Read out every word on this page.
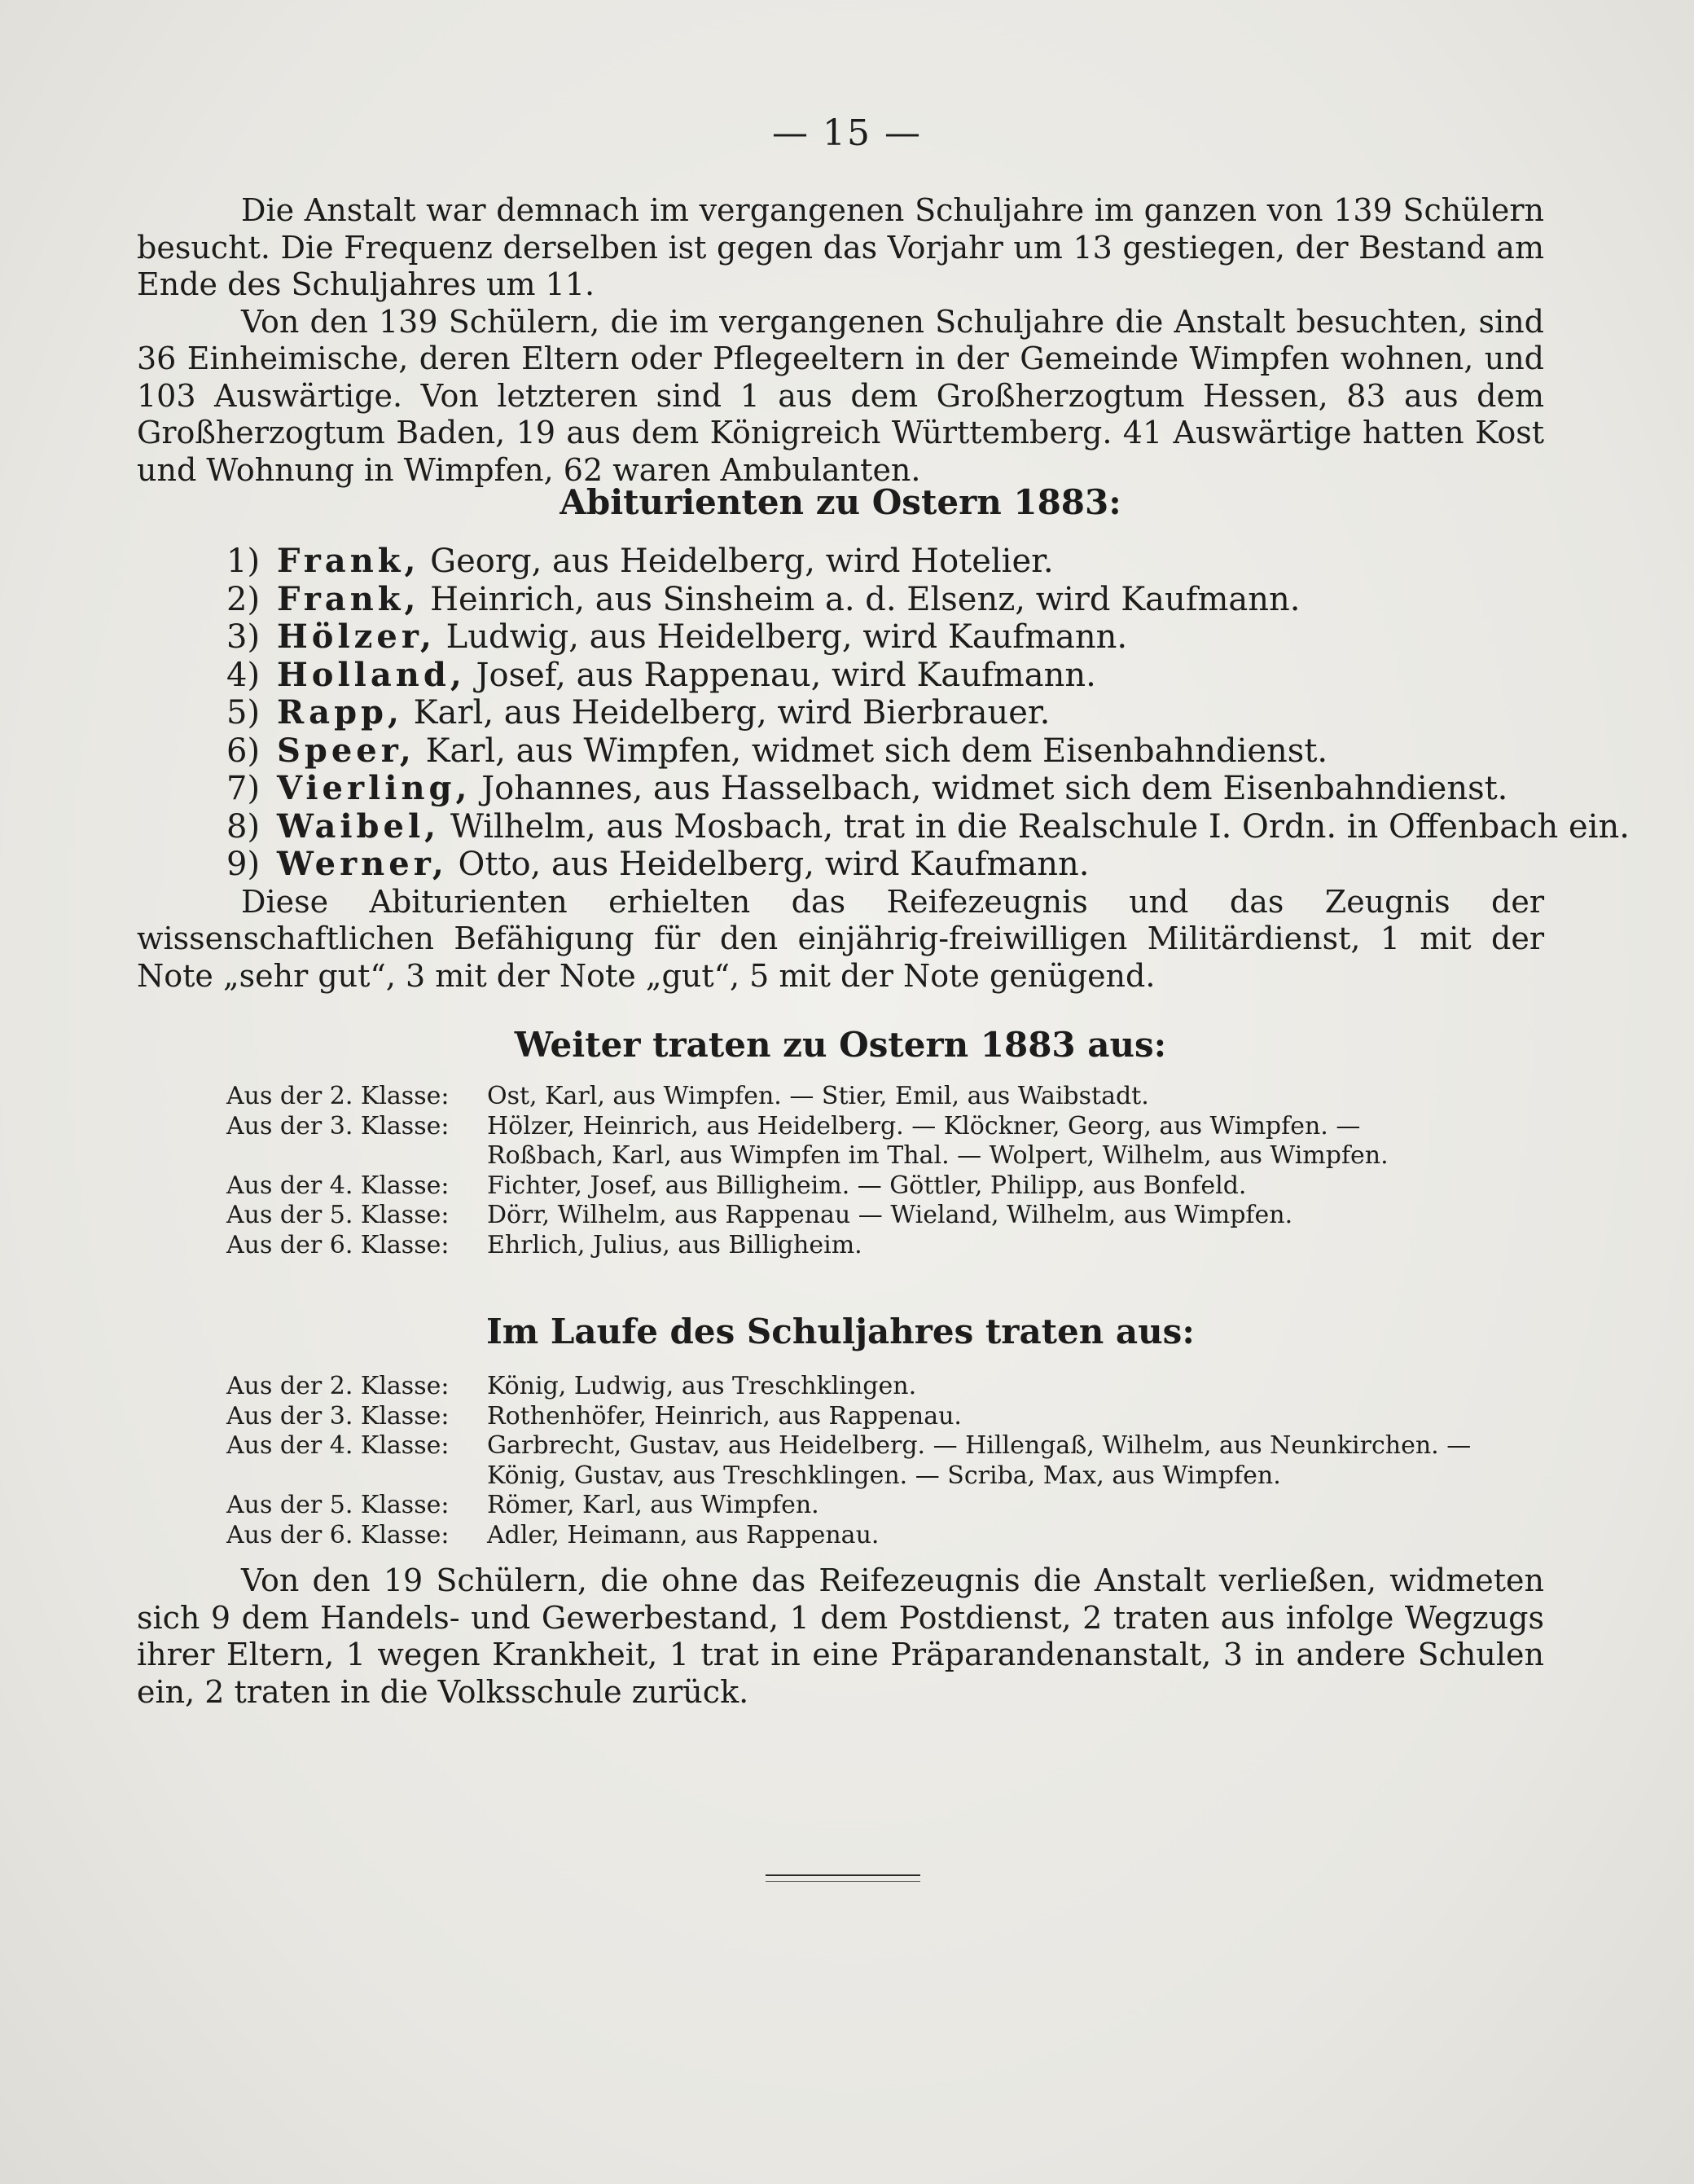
— 15 —

Die Anstalt war demnach im vergangenen Schuljahre im ganzen von 139 Schülern besucht. Die Frequenz derselben ist gegen das Vorjahr um 13 gestiegen, der Bestand am Ende des Schuljahres um 11.

Von den 139 Schülern, die im vergangenen Schuljahre die Anstalt besuchten, sind 36 Einheimische, deren Eltern oder Pflegeeltern in der Gemeinde Wimpfen wohnen, und 103 Auswärtige. Von letzteren sind 1 aus dem Großherzogtum Hessen, 83 aus dem Großherzogtum Baden, 19 aus dem Königreich Württemberg. 41 Auswärtige hatten Kost und Wohnung in Wimpfen, 62 waren Ambulanten.

Abiturienten zu Ostern 1883:

1) Frank, Georg, aus Heidelberg, wird Hotelier.
2) Frank, Heinrich, aus Sinsheim a. d. Elsenz, wird Kaufmann.
3) Hölzer, Ludwig, aus Heidelberg, wird Kaufmann.
4) Holland, Josef, aus Rappenau, wird Kaufmann.
5) Rapp, Karl, aus Heidelberg, wird Bierbrauer.
6) Speer, Karl, aus Wimpfen, widmet sich dem Eisenbahndienst.
7) Vierling, Johannes, aus Hasselbach, widmet sich dem Eisenbahndienst.
8) Waibel, Wilhelm, aus Mosbach, trat in die Realschule I. Ordn. in Offenbach ein.
9) Werner, Otto, aus Heidelberg, wird Kaufmann.

Diese Abiturienten erhielten das Reifezeugnis und das Zeugnis der wissenschaftlichen Befähigung für den einjährig-freiwilligen Militärdienst, 1 mit der Note „sehr gut“, 3 mit der Note „gut“, 5 mit der Note genügend.

Weiter traten zu Ostern 1883 aus:

Aus der 2. Klasse:	Ost, Karl, aus Wimpfen. — Stier, Emil, aus Waibstadt.
Aus der 3. Klasse:	Hölzer, Heinrich, aus Heidelberg. — Klöckner, Georg, aus Wimpfen. —
	Roßbach, Karl, aus Wimpfen im Thal. — Wolpert, Wilhelm, aus Wimpfen.
Aus der 4. Klasse:	Fichter, Josef, aus Billigheim. — Göttler, Philipp, aus Bonfeld.
Aus der 5. Klasse:	Dörr, Wilhelm, aus Rappenau — Wieland, Wilhelm, aus Wimpfen.
Aus der 6. Klasse:	Ehrlich, Julius, aus Billigheim.

Im Laufe des Schuljahres traten aus:

Aus der 2. Klasse:	König, Ludwig, aus Treschklingen.
Aus der 3. Klasse:	Rothenhöfer, Heinrich, aus Rappenau.
Aus der 4. Klasse:	Garbrecht, Gustav, aus Heidelberg. — Hillengaß, Wilhelm, aus Neunkirchen. —
	König, Gustav, aus Treschklingen. — Scriba, Max, aus Wimpfen.
Aus der 5. Klasse:	Römer, Karl, aus Wimpfen.
Aus der 6. Klasse:	Adler, Heimann, aus Rappenau.

Von den 19 Schülern, die ohne das Reifezeugnis die Anstalt verließen, widmeten sich 9 dem Handels- und Gewerbestand, 1 dem Postdienst, 2 traten aus infolge Wegzugs ihrer Eltern, 1 wegen Krankheit, 1 trat in eine Präparandenanstalt, 3 in andere Schulen ein, 2 traten in die Volksschule zurück.
